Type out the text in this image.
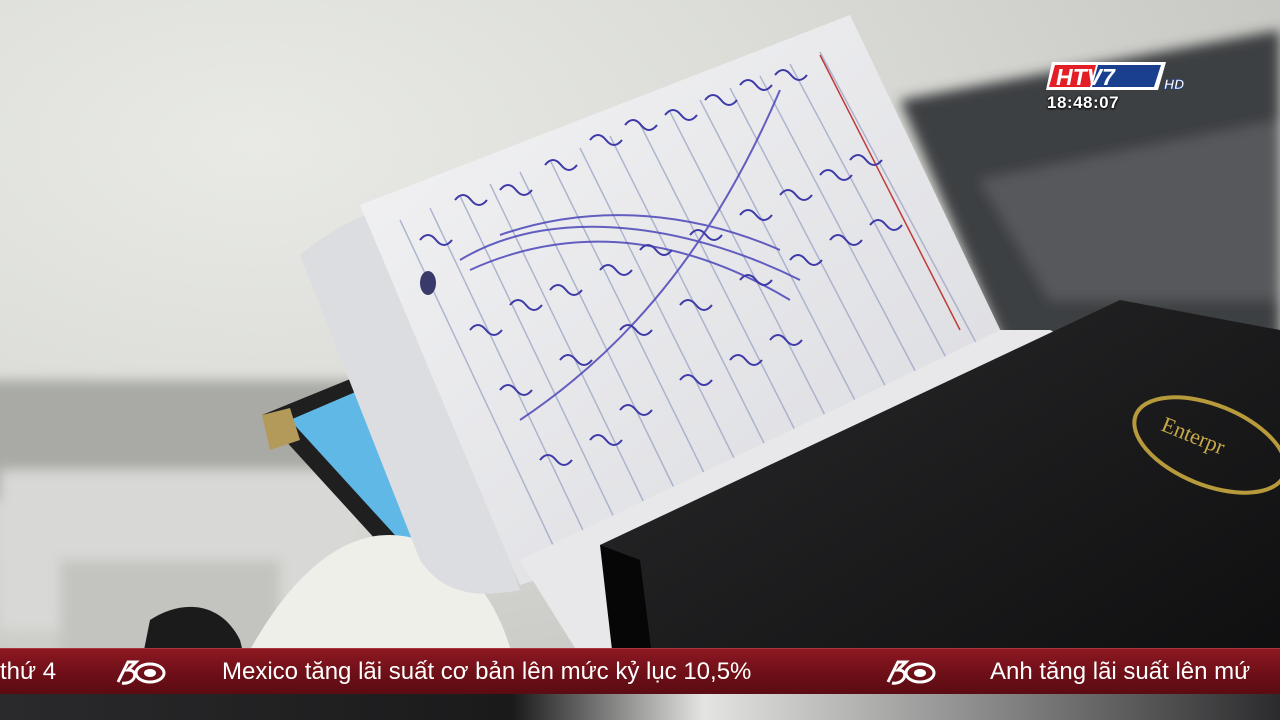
Enterpr
HTV7	HD
18:48:07
thứ 4	Mexico tăng lãi suất cơ bản lên mức kỷ lục 10,5%	Anh tăng lãi suất lên mứ
